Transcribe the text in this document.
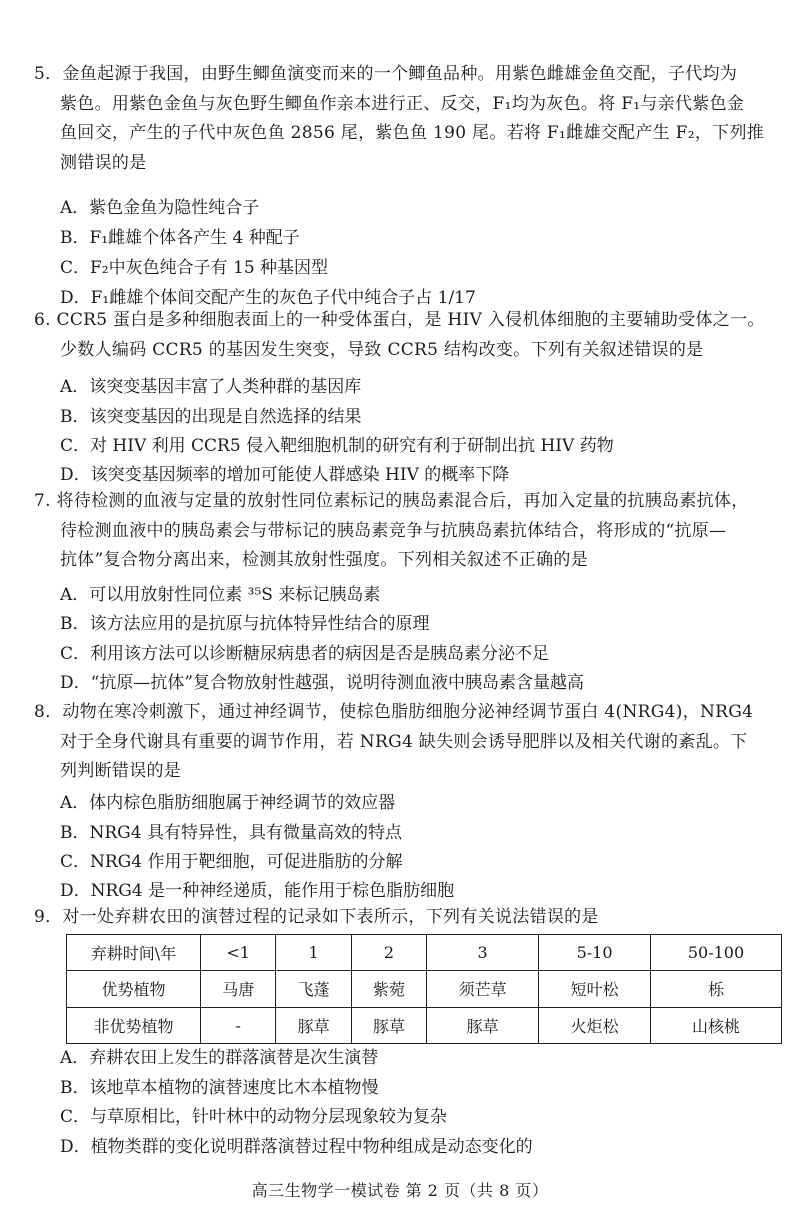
5．金鱼起源于我国，由野生鲫鱼演变而来的一个鲫鱼品种。用紫色雌雄金鱼交配，子代均为

紫色。用紫色金鱼与灰色野生鲫鱼作亲本进行正、反交，F₁均为灰色。将 F₁与亲代紫色金
鱼回交，产生的子代中灰色鱼 2856 尾，紫色鱼 190 尾。若将 F₁雌雄交配产生 F₂，下列推
测错误的是

A．紫色金鱼为隐性纯合子
B．F₁雌雄个体各产生 4 种配子
C．F₂中灰色纯合子有 15 种基因型
D．F₁雌雄个体间交配产生的灰色子代中纯合子占 1/17

6. CCR5 蛋白是多种细胞表面上的一种受体蛋白，是 HIV 入侵机体细胞的主要辅助受体之一。

少数人编码 CCR5 的基因发生突变，导致 CCR5 结构改变。下列有关叙述错误的是

A．该突变基因丰富了人类种群的基因库
B．该突变基因的出现是自然选择的结果
C．对 HIV 利用 CCR5 侵入靶细胞机制的研究有利于研制出抗 HIV 药物
D．该突变基因频率的增加可能使人群感染 HIV 的概率下降

7. 将待检测的血液与定量的放射性同位素标记的胰岛素混合后，再加入定量的抗胰岛素抗体，

待检测血液中的胰岛素会与带标记的胰岛素竞争与抗胰岛素抗体结合，将形成的“抗原—
抗体”复合物分离出来，检测其放射性强度。下列相关叙述不正确的是

A．可以用放射性同位素 ³⁵S 来标记胰岛素
B．该方法应用的是抗原与抗体特异性结合的原理
C．利用该方法可以诊断糖尿病患者的病因是否是胰岛素分泌不足
D．“抗原—抗体”复合物放射性越强，说明待测血液中胰岛素含量越高

8．动物在寒冷刺激下，通过神经调节，使棕色脂肪细胞分泌神经调节蛋白 4(NRG4)，NRG4

对于全身代谢具有重要的调节作用，若 NRG4 缺失则会诱导肥胖以及相关代谢的紊乱。下
列判断错误的是

A．体内棕色脂肪细胞属于神经调节的效应器
B．NRG4 具有特异性，具有微量高效的特点
C．NRG4 作用于靶细胞，可促进脂肪的分解
D．NRG4 是一种神经递质，能作用于棕色脂肪细胞

9．对一处弃耕农田的演替过程的记录如下表所示，下列有关说法错误的是

弃耕时间\年	<1	1	2	3	5-10	50-100
优势植物	马唐	飞蓬	紫菀	须芒草	短叶松	栎
非优势植物	-	豚草	豚草	豚草	火炬松	山核桃
A．弃耕农田上发生的群落演替是次生演替
B．该地草本植物的演替速度比木本植物慢
C．与草原相比，针叶林中的动物分层现象较为复杂
D．植物类群的变化说明群落演替过程中物种组成是动态变化的
高三生物学一模试卷 第 2 页（共 8 页）
